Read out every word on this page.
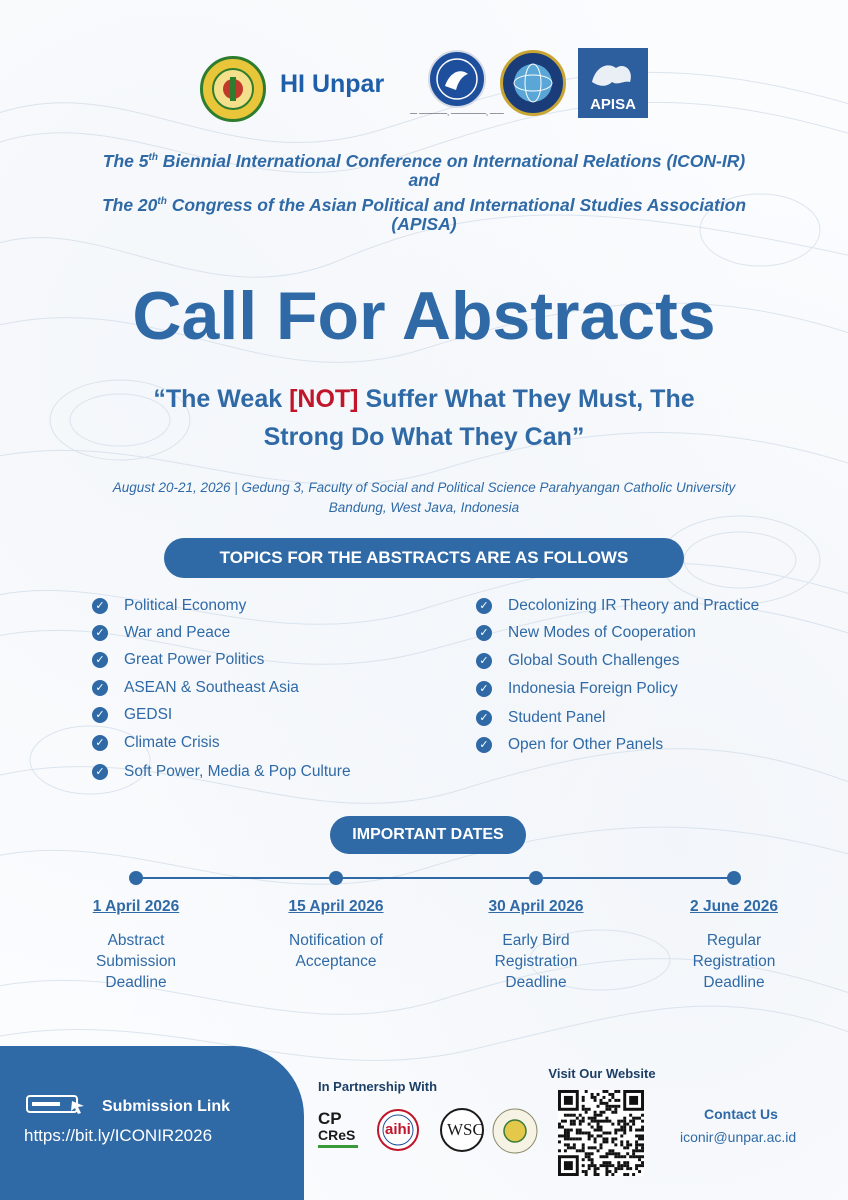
HI Unpar
— ————, —————, ——
APISA
The 5th Biennial International Conference on International Relations (ICON-IR)
and
The 20th Congress of the Asian Political and International Studies Association
(APISA)
Call For Abstracts
“The Weak [NOT] Suffer What They Must, The
Strong Do What They Can”
August 20-21, 2026 | Gedung 3, Faculty of Social and Political Science Parahyangan Catholic University
Bandung, West Java, Indonesia
TOPICS FOR THE ABSTRACTS ARE AS FOLLOWS
✓ Political Economy
✓ War and Peace
✓ Great Power Politics
✓ ASEAN & Southeast Asia
✓ GEDSI
✓ Climate Crisis
✓ Soft Power, Media & Pop Culture
✓ Decolonizing IR Theory and Practice
✓ New Modes of Cooperation
✓ Global South Challenges
✓ Indonesia Foreign Policy
✓ Student Panel
✓ Open for Other Panels
IMPORTANT DATES
1 April 2026
Abstract
Submission
Deadline
15 April 2026
Notification of
Acceptance
30 April 2026
Early Bird
Registration
Deadline
2 June 2026
Regular
Registration
Deadline
Submission Link
https://bit.ly/ICONIR2026
In Partnership With
CP
CReS	aihi WSC
Visit Our Website
Contact Us
iconir@unpar.ac.id
